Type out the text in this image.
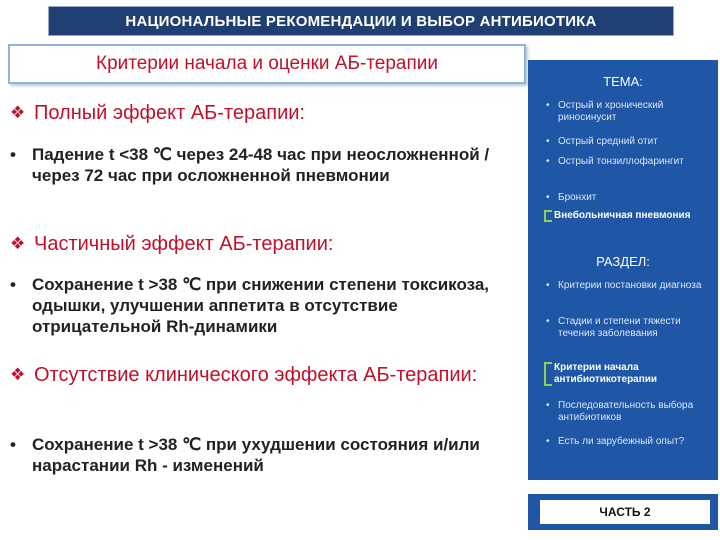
НАЦИОНАЛЬНЫЕ РЕКОМЕНДАЦИИ И ВЫБОР АНТИБИОТИКА
Критерии начала и оценки АБ-терапии
❖ Полный эффект АБ-терапии:
• Падение t <38 ℃ через 24-48 час при неосложненной / через 72 час при осложненной пневмонии
❖ Частичный эффект АБ-терапии:
• Сохранение t >38 ℃ при снижении степени токсикоза, одышки, улучшении аппетита в отсутствие отрицательной Rh-динамики
❖ Отсутствие клинического эффекта АБ-терапии:
• Сохранение t >38 ℃ при ухудшении состояния и/или нарастании Rh - изменений
ТЕМА:
• Острый и хронический риносинусит
• Острый средний отит
• Острый тонзиллофарингит
• Бронхит
Внебольничная пневмония
РАЗДЕЛ:
• Критерии постановки диагноза
• Стадии и степени тяжести течения заболевания
Критерии начала антибиотикотерапии
• Последовательность выбора антибиотиков
• Есть ли зарубежный опыт?
ЧАСТЬ 2
